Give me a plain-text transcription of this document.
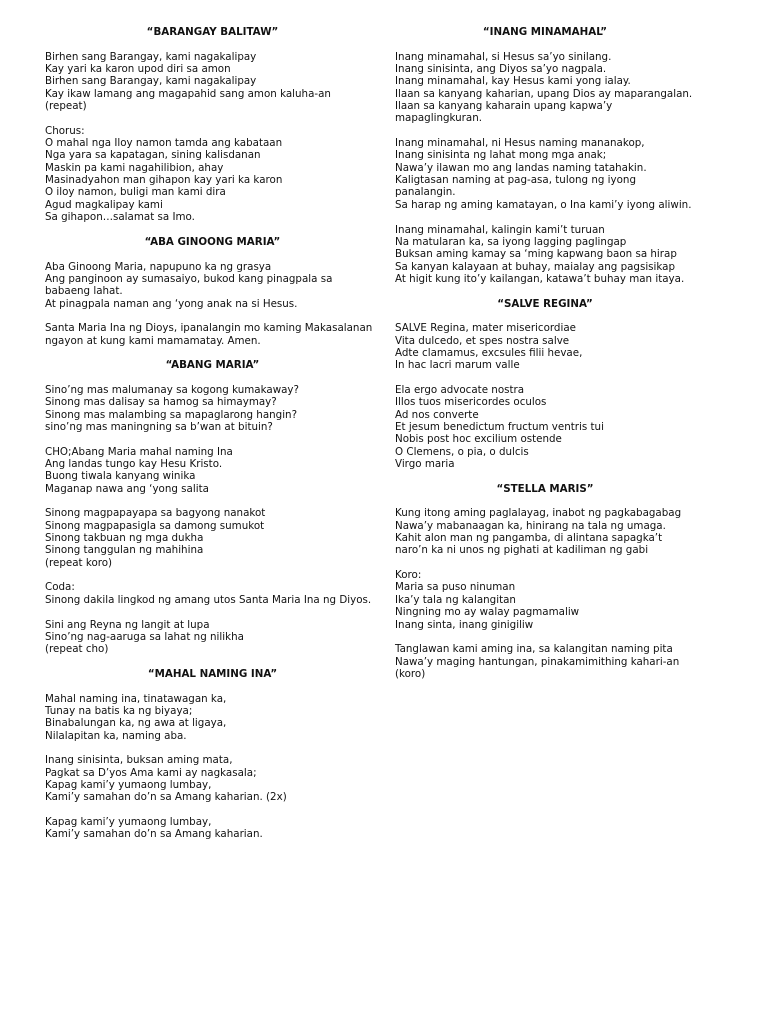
“BARANGAY BALITAW”
Birhen sang Barangay, kami nagakalipay
Kay yari ka karon upod diri sa amon
Birhen sang Barangay, kami nagakalipay
Kay ikaw lamang ang magapahid sang amon kaluha-an
(repeat)
Chorus:
O mahal nga Iloy namon tamda ang kabataan
Nga yara sa kapatagan, sining kalisdanan
Maskin pa kami nagahilibion, ahay
Masinadyahon man gihapon kay yari ka karon
O iloy namon, buligi man kami dira
Agud magkalipay kami
Sa gihapon…salamat sa Imo.
“ABA GINOONG MARIA”
Aba Ginoong Maria, napupuno ka ng grasya
Ang panginoon ay sumasaiyo, bukod kang pinagpala sa babaeng lahat.
At pinagpala naman ang ‘yong anak na si Hesus.
Santa Maria Ina ng Dioys, ipanalangin mo kaming Makasalanan ngayon at kung kami mamamatay. Amen.
“ABANG MARIA”
Sino’ng mas malumanay sa kogong kumakaway?
Sinong mas dalisay sa hamog sa himaymay?
Sinong mas malambing sa mapaglarong hangin?
sino’ng mas maningning sa b’wan at bituin?
CHO;Abang Maria mahal naming Ina
Ang landas tungo kay Hesu Kristo.
Buong tiwala kanyang winika
Maganap nawa ang ‘yong salita
Sinong magpapayapa sa bagyong nanakot
Sinong magpapasigla sa damong sumukot
Sinong takbuan ng mga dukha
Sinong tanggulan ng mahihina
(repeat koro)
Coda:
Sinong dakila lingkod ng amang utos Santa Maria Ina ng Diyos.
Sini ang Reyna ng langit at lupa
Sino’ng nag-aaruga sa lahat ng nilikha
(repeat cho)
“MAHAL NAMING INA”
Mahal naming ina, tinatawagan ka,
Tunay na batis ka ng biyaya;
Binabalungan ka, ng awa at ligaya,
Nilalapitan ka, naming aba.
Inang sinisinta, buksan aming mata,
Pagkat sa D’yos Ama kami ay nagkasala;
Kapag kami’y yumaong lumbay,
Kami’y samahan do’n sa Amang kaharian. (2x)
Kapag kami’y yumaong lumbay,
Kami’y samahan do’n sa Amang kaharian.
“INANG MINAMAHAL”
Inang minamahal, si Hesus sa’yo sinilang.
Inang sinisinta, ang Diyos sa’yo nagpala.
Inang minamahal, kay Hesus kami yong ialay.
Ilaan sa kanyang kaharian, upang Dios ay maparangalan.
Ilaan sa kanyang kaharain upang kapwa’y mapaglingkuran.
Inang minamahal, ni Hesus naming mananakop,
Inang sinisinta ng lahat mong mga anak;
Nawa’y ilawan mo ang landas naming tatahakin.
Kaligtasan naming at pag-asa, tulong ng iyong panalangin.
Sa harap ng aming kamatayan, o Ina kami’y iyong aliwin.
Inang minamahal, kalingin kami’t turuan
Na matularan ka, sa iyong lagging paglingap
Buksan aming kamay sa ‘ming kapwang baon sa hirap
Sa kanyan kalayaan at buhay, maialay ang pagsisikap
At higit kung ito’y kailangan, katawa’t buhay man itaya.
“SALVE REGINA”
SALVE Regina, mater misericordiae
Vita dulcedo, et spes nostra salve
Adte clamamus, excsules filii hevae,
In hac lacri marum valle
Ela ergo advocate nostra
Illos tuos misericordes oculos
Ad nos converte
Et jesum benedictum fructum ventris tui
Nobis post hoc excilium ostende
O Clemens, o pia, o dulcis
Virgo maria
“STELLA MARIS”
Kung itong aming paglalayag, inabot ng pagkabagabag
Nawa’y mabanaagan ka, hinirang na tala ng umaga.
Kahit alon man ng pangamba, di alintana sapagka’t naro’n ka ni unos ng pighati at kadiliman ng gabi
Koro:
Maria sa puso ninuman
Ika’y tala ng kalangitan
Ningning mo ay walay pagmamaliw
Inang sinta, inang ginigiliw
Tanglawan kami aming ina, sa kalangitan naming pita
Nawa’y maging hantungan, pinakamimithing kahari-an (koro)
